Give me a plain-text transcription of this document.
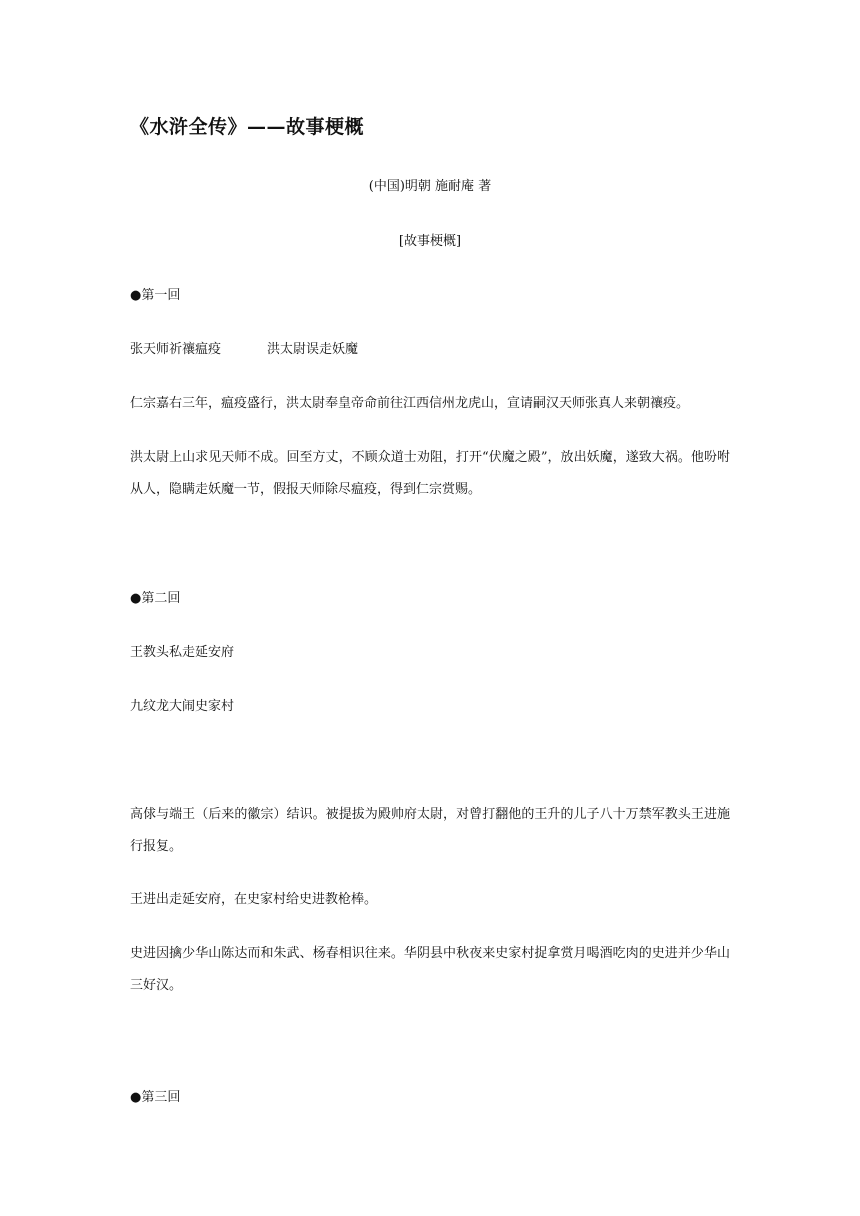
《水浒全传》——故事梗概
(中国)明朝 施耐庵 著
[故事梗概]
●第一回
张天师祈禳瘟疫	洪太尉误走妖魔
仁宗嘉右三年，瘟疫盛行，洪太尉奉皇帝命前往江西信州龙虎山，宣请嗣汉天师张真人来朝禳疫。
洪太尉上山求见天师不成。回至方丈，不顾众道士劝阻，打开“伏魔之殿”，放出妖魔，遂致大祸。他吩咐从人，隐瞒走妖魔一节，假报天师除尽瘟疫，得到仁宗赏赐。
●第二回
王教头私走延安府
九纹龙大闹史家村
高俅与端王（后来的徽宗）结识。被提拔为殿帅府太尉，对曾打翻他的王升的儿子八十万禁军教头王进施行报复。
王进出走延安府，在史家村给史进教枪棒。
史进因擒少华山陈达而和朱武、杨春相识往来。华阴县中秋夜来史家村捉拿赏月喝酒吃肉的史进并少华山三好汉。
●第三回
